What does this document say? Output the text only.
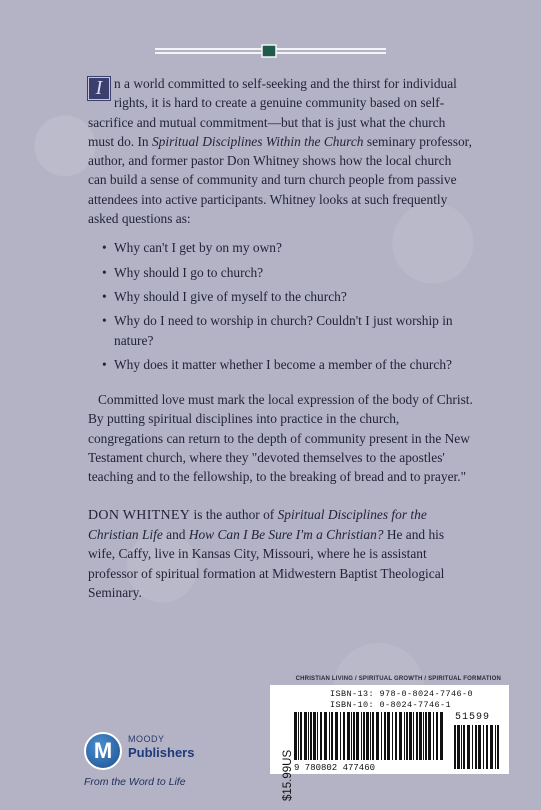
I n a world committed to self-seeking and the thirst for individual rights, it is hard to create a genuine community based on self-sacrifice and mutual commitment—but that is just what the church must do. In Spiritual Disciplines Within the Church seminary professor, author, and former pastor Don Whitney shows how the local church can build a sense of community and turn church people from passive attendees into active participants. Whitney looks at such frequently asked questions as:

• Why can't I get by on my own?
• Why should I go to church?
• Why should I give of myself to the church?
• Why do I need to worship in church? Couldn't I just worship in nature?
• Why does it matter whether I become a member of the church?

Committed love must mark the local expression of the body of Christ. By putting spiritual disciplines into practice in the church, congregations can return to the depth of community present in the New Testament church, where they "devoted themselves to the apostles' teaching and to the fellowship, to the breaking of bread and to prayer."

DON WHITNEY is the author of Spiritual Disciplines for the Christian Life and How Can I Be Sure I'm a Christian? He and his wife, Caffy, live in Kansas City, Missouri, where he is assistant professor of spiritual formation at Midwestern Baptist Theological Seminary.

CHRISTIAN LIVING / SPIRITUAL GROWTH / SPIRITUAL FORMATION
ISBN-13: 978-0-8024-7746-0
ISBN-10: 0-8024-7746-1
$15.99US 9 780802 477460
51599
M	MOODY
Publishers
From the Word to Life
